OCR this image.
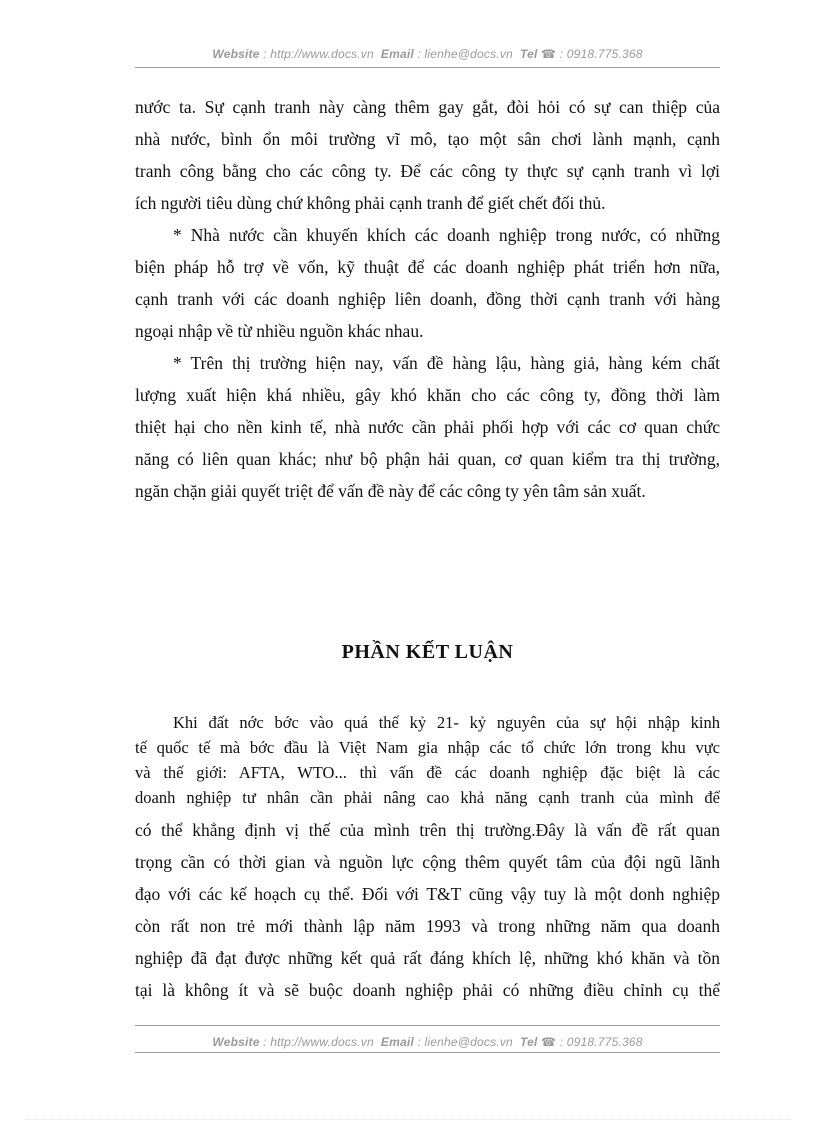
Website : http://www.docs.vn Email : lienhe@docs.vn Tel ☎ : 0918.775.368
nước ta. Sự cạnh tranh này càng thêm gay gắt, đòi hỏi có sự can thiệp của
nhà nước, bình ổn môi trường vĩ mô, tạo một sân chơi lành mạnh, cạnh
tranh công bằng cho các công ty. Để các công ty thực sự cạnh tranh vì lợi
ích người tiêu dùng chứ không phải cạnh tranh để giết chết đối thủ.
* Nhà nước cần khuyến khích các doanh nghiệp trong nước, có những
biện pháp hỗ trợ về vốn, kỹ thuật để các doanh nghiệp phát triển hơn nữa,
cạnh tranh với các doanh nghiệp liên doanh, đồng thời cạnh tranh với hàng
ngoại nhập về từ nhiều nguồn khác nhau.
* Trên thị trường hiện nay, vấn đề hàng lậu, hàng giả, hàng kém chất
lượng xuất hiện khá nhiều, gây khó khăn cho các công ty, đồng thời làm
thiệt hại cho nền kinh tế, nhà nước cần phải phối hợp với các cơ quan chức
năng có liên quan khác; như bộ phận hải quan, cơ quan kiểm tra thị trường,
ngăn chặn giải quyết triệt để vấn đề này để các công ty yên tâm sản xuất.
PHẦN KẾT LUẬN
Khi đất nớc bớc vào quá thế kỷ 21- kỷ nguyên của sự hội nhập kinh
tế quốc tế mà bớc đầu là Việt Nam gia nhập các tổ chức lớn trong khu vực
và thế giới: AFTA, WTO... thì vấn đề các doanh nghiệp đặc biệt là các
doanh nghiệp tư nhân cần phải nâng cao khả năng cạnh tranh của mình để
có thể khẳng định vị thế của mình trên thị trường.Đây là vấn đề rất quan
trọng cần có thời gian và nguồn lực cộng thêm quyết tâm của đội ngũ lãnh
đạo với các kế hoạch cụ thể. Đối với T&T cũng vậy tuy là một donh nghiệp
còn rất non trẻ mới thành lập năm 1993 và trong những năm qua doanh
nghiệp đã đạt được những kết quả rất đáng khích lệ, những khó khăn và tồn
tại là không ít và sẽ buộc doanh nghiệp phải có những điều chỉnh cụ thể
Website : http://www.docs.vn Email : lienhe@docs.vn Tel ☎ : 0918.775.368
